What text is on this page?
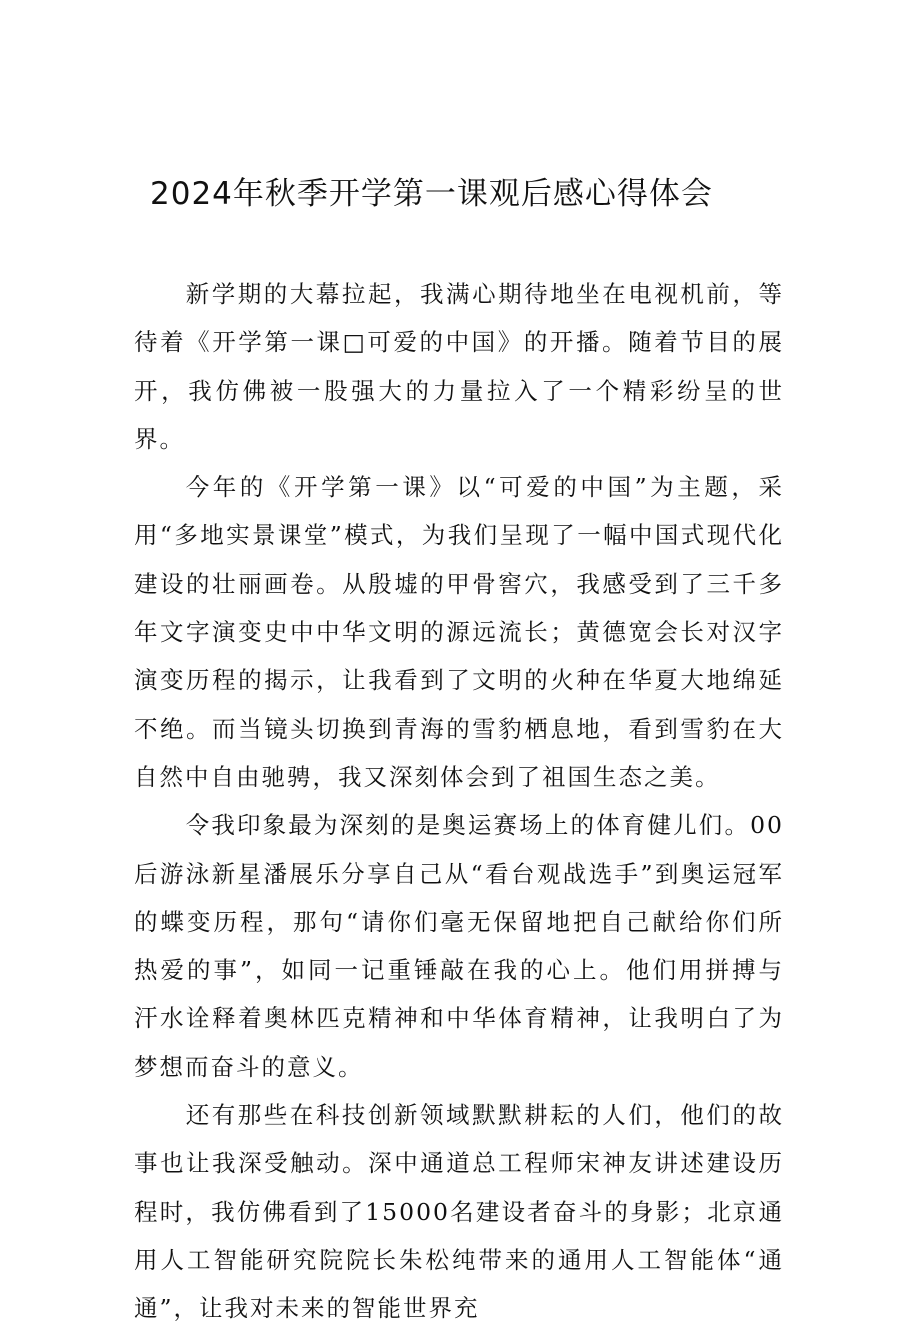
2024年秋季开学第一课观后感心得体会

新学期的大幕拉起，我满心期待地坐在电视机前，等待着《开学第一课□可爱的中国》的开播。随着节目的展开，我仿佛被一股强大的力量拉入了一个精彩纷呈的世界。

今年的《开学第一课》以“可爱的中国”为主题，采用“多地实景课堂”模式，为我们呈现了一幅中国式现代化建设的壮丽画卷。从殷墟的甲骨窖穴，我感受到了三千多年文字演变史中中华文明的源远流长；黄德宽会长对汉字演变历程的揭示，让我看到了文明的火种在华夏大地绵延不绝。而当镜头切换到青海的雪豹栖息地，看到雪豹在大自然中自由驰骋，我又深刻体会到了祖国生态之美。

令我印象最为深刻的是奥运赛场上的体育健儿们。00后游泳新星潘展乐分享自己从“看台观战选手”到奥运冠军的蝶变历程，那句“请你们毫无保留地把自己献给你们所热爱的事”，如同一记重锤敲在我的心上。他们用拼搏与汗水诠释着奥林匹克精神和中华体育精神，让我明白了为梦想而奋斗的意义。

还有那些在科技创新领域默默耕耘的人们，他们的故事也让我深受触动。深中通道总工程师宋神友讲述建设历程时，我仿佛看到了15000名建设者奋斗的身影；北京通用人工智能研究院院长朱松纯带来的通用人工智能体“通通”，让我对未来的智能世界充
